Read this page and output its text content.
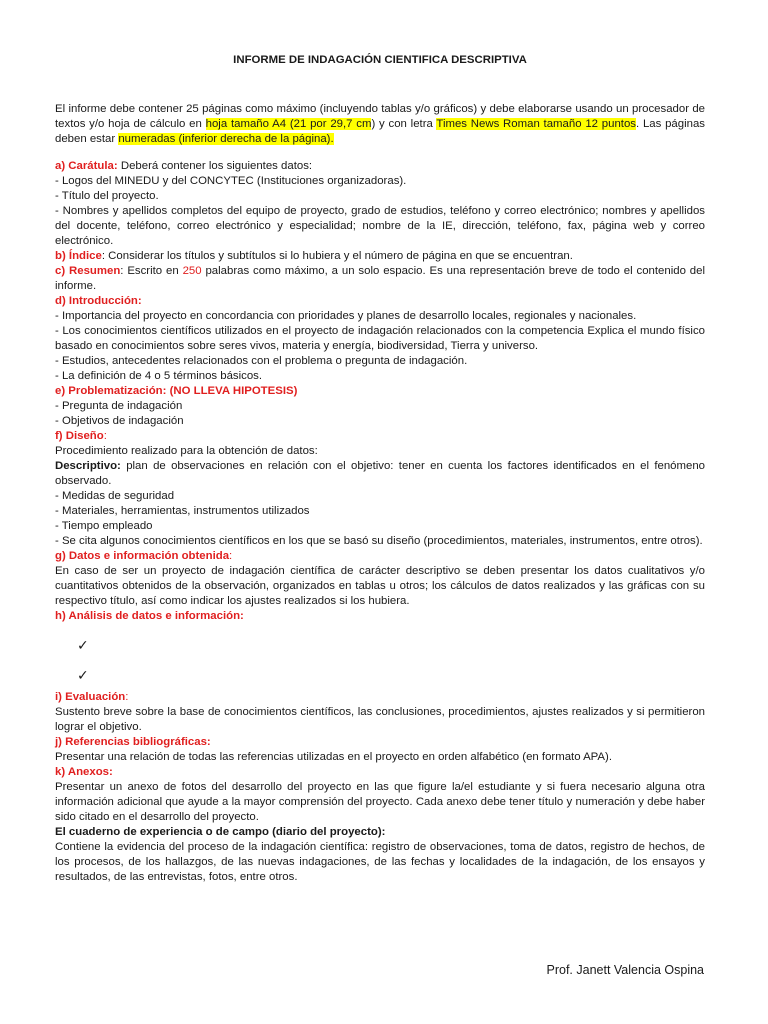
INFORME DE INDAGACIÓN CIENTIFICA DESCRIPTIVA

El informe debe contener 25 páginas como máximo (incluyendo tablas y/o gráficos) y debe elaborarse usando un procesador de textos y/o hoja de cálculo en hoja tamaño A4 (21 por 29,7 cm) y con letra Times News Roman tamaño 12 puntos. Las páginas deben estar numeradas (inferior derecha de la página).

a) Carátula: Deberá contener los siguientes datos:

- Logos del MINEDU y del CONCYTEC (Instituciones organizadoras).

- Título del proyecto.

- Nombres y apellidos completos del equipo de proyecto, grado de estudios, teléfono y correo electrónico; nombres y apellidos del docente, teléfono, correo electrónico y especialidad; nombre de la IE, dirección, teléfono, fax, página web y correo electrónico.

b) Índice: Considerar los títulos y subtítulos si lo hubiera y el número de página en que se encuentran.

c) Resumen: Escrito en 250 palabras como máximo, a un solo espacio. Es una representación breve de todo el contenido del informe.

d) Introducción:

- Importancia del proyecto en concordancia con prioridades y planes de desarrollo locales, regionales y nacionales.

- Los conocimientos científicos utilizados en el proyecto de indagación relacionados con la competencia Explica el mundo físico basado en conocimientos sobre seres vivos, materia y energía, biodiversidad, Tierra y universo.

- Estudios, antecedentes relacionados con el problema o pregunta de indagación.

- La definición de 4 o 5 términos básicos.

e) Problematización: (NO LLEVA HIPOTESIS)

- Pregunta de indagación

- Objetivos de indagación

f) Diseño:

Procedimiento realizado para la obtención de datos:

Descriptivo: plan de observaciones en relación con el objetivo: tener en cuenta los factores identificados en el fenómeno observado.

- Medidas de seguridad

- Materiales, herramientas, instrumentos utilizados

- Tiempo empleado

- Se cita algunos conocimientos científicos en los que se basó su diseño (procedimientos, materiales, instrumentos, entre otros).

g) Datos e información obtenida:

En caso de ser un proyecto de indagación científica de carácter descriptivo se deben presentar los datos cualitativos y/o cuantitativos obtenidos de la observación, organizados en tablas u otros; los cálculos de datos realizados y las gráficas con su respectivo título, así como indicar los ajustes realizados si los hubiera.

h) Análisis de datos e información:

✓
✓

i) Evaluación:

Sustento breve sobre la base de conocimientos científicos, las conclusiones, procedimientos, ajustes realizados y si permitieron lograr el objetivo.

j) Referencias bibliográficas:

Presentar una relación de todas las referencias utilizadas en el proyecto en orden alfabético (en formato APA).

k) Anexos:

Presentar un anexo de fotos del desarrollo del proyecto en las que figure la/el estudiante y si fuera necesario alguna otra información adicional que ayude a la mayor comprensión del proyecto. Cada anexo debe tener título y numeración y debe haber sido citado en el desarrollo del proyecto.

El cuaderno de experiencia o de campo (diario del proyecto):

Contiene la evidencia del proceso de la indagación científica: registro de observaciones, toma de datos, registro de hechos, de los procesos, de los hallazgos, de las nuevas indagaciones, de las fechas y localidades de la indagación, de los ensayos y resultados, de las entrevistas, fotos, entre otros.

Prof. Janett Valencia Ospina
